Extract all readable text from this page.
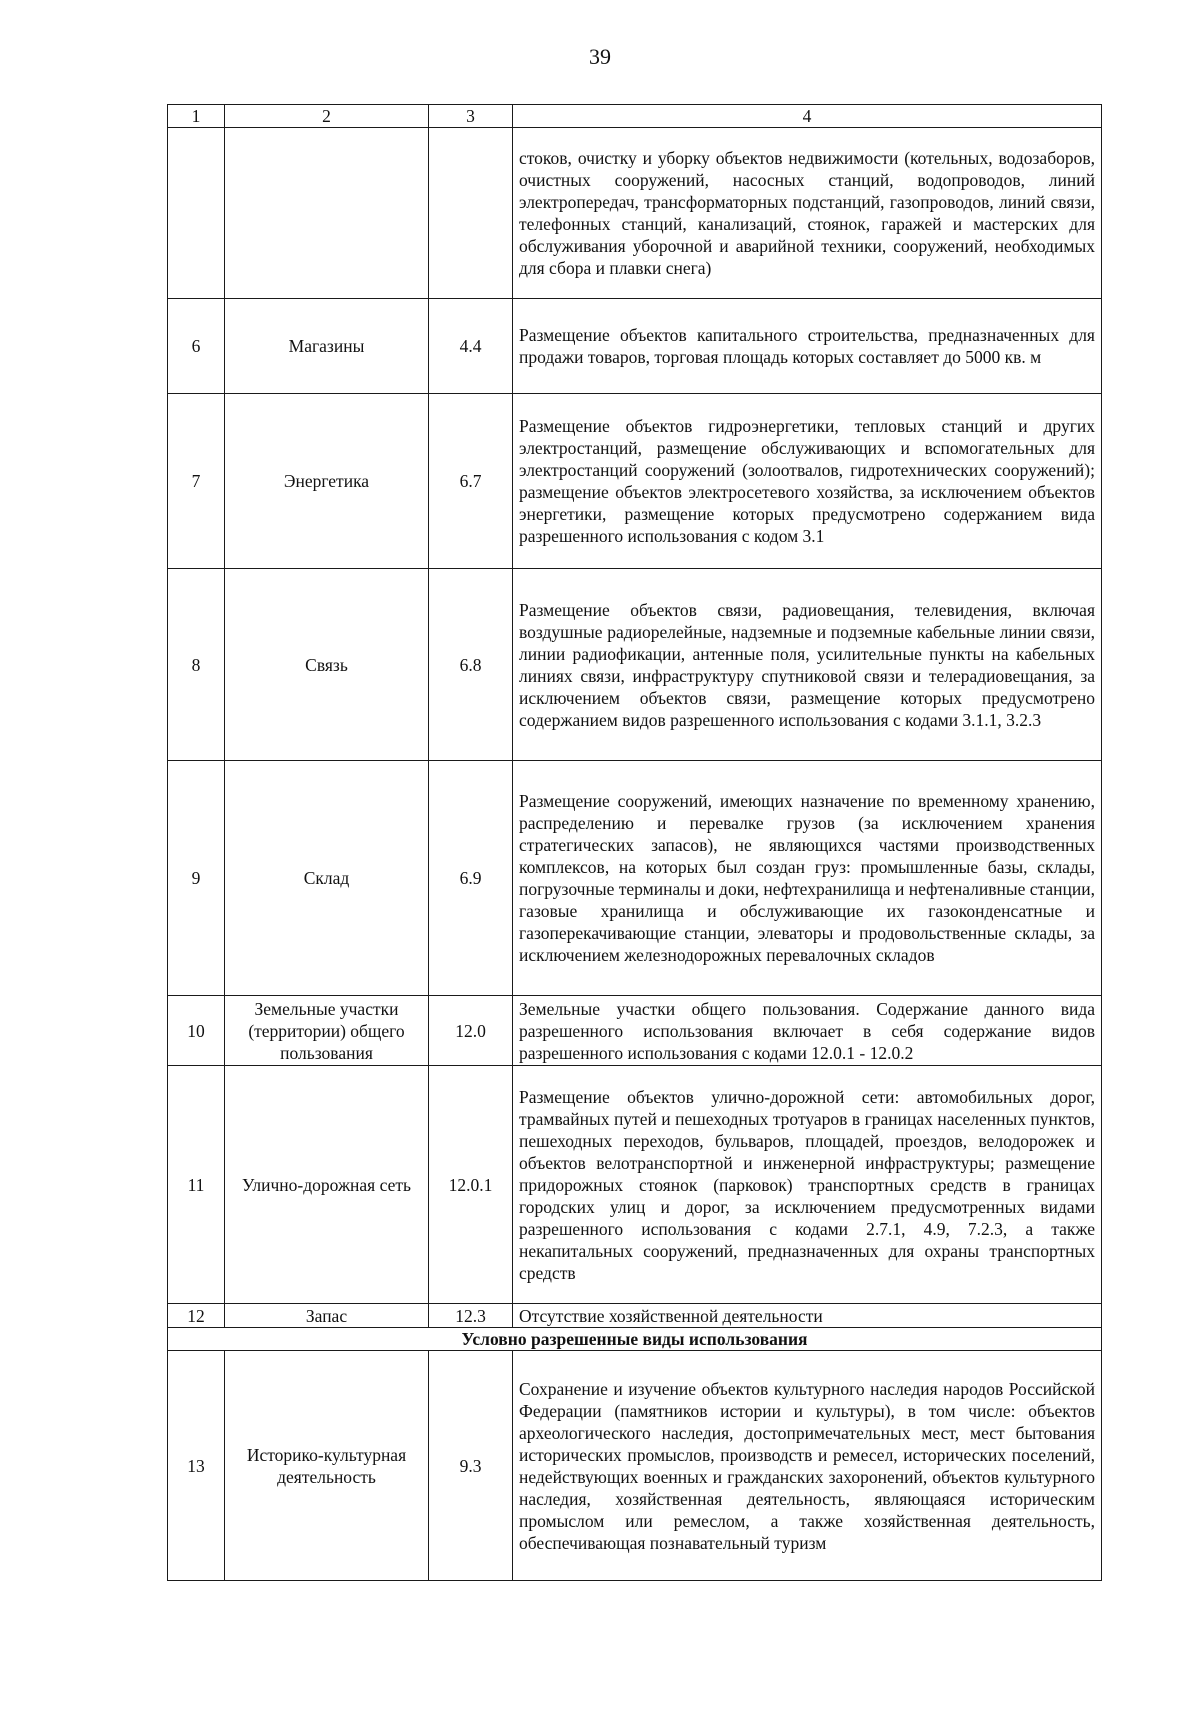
39
1	2	3	4
			стоков, очистку и уборку объектов недвижимости (котельных, водозаборов, очистных сооружений, насосных станций, водопроводов, линий электропередач, трансформаторных подстанций, газопроводов, линий связи, телефонных станций, канализаций, стоянок, гаражей и мастерских для обслуживания уборочной и аварийной техники, сооружений, необходимых для сбора и плавки снега)
6	Магазины	4.4	Размещение объектов капитального строительства, предназначенных для продажи товаров, торговая площадь которых составляет до 5000 кв. м
7	Энергетика	6.7	Размещение объектов гидроэнергетики, тепловых станций и других электростанций, размещение обслуживающих и вспомогательных для электростанций сооружений (золоотвалов, гидротехнических сооружений); размещение объектов электросетевого хозяйства, за исключением объектов энергетики, размещение которых предусмотрено содержанием вида разрешенного использования с кодом 3.1
8	Связь	6.8	Размещение объектов связи, радиовещания, телевидения, включая воздушные радиорелейные, надземные и подземные кабельные линии связи, линии радиофикации, антенные поля, усилительные пункты на кабельных линиях связи, инфраструктуру спутниковой связи и телерадиовещания, за исключением объектов связи, размещение которых предусмотрено содержанием видов разрешенного использования с кодами 3.1.1, 3.2.3
9	Склад	6.9	Размещение сооружений, имеющих назначение по временному хранению, распределению и перевалке грузов (за исключением хранения стратегических запасов), не являющихся частями производственных комплексов, на которых был создан груз: промышленные базы, склады, погрузочные терминалы и доки, нефтехранилища и нефтеналивные станции, газовые хранилища и обслуживающие их газоконденсатные и газоперекачивающие станции, элеваторы и продовольственные склады, за исключением железнодорожных перевалочных складов
10	Земельные участки (территории) общего пользования	12.0	Земельные участки общего пользования. Содержание данного вида разрешенного использования включает в себя содержание видов разрешенного использования с кодами 12.0.1 - 12.0.2
11	Улично-дорожная сеть	12.0.1	Размещение объектов улично-дорожной сети: автомобильных дорог, трамвайных путей и пешеходных тротуаров в границах населенных пунктов, пешеходных переходов, бульваров, площадей, проездов, велодорожек и объектов велотранспортной и инженерной инфраструктуры; размещение придорожных стоянок (парковок) транспортных средств в границах городских улиц и дорог, за исключением предусмотренных видами разрешенного использования с кодами 2.7.1, 4.9, 7.2.3, а также некапитальных сооружений, предназначенных для охраны транспортных средств
12	Запас	12.3	Отсутствие хозяйственной деятельности
Условно разрешенные виды использования			
13	Историко-культурная деятельность	9.3	Сохранение и изучение объектов культурного наследия народов Российской Федерации (памятников истории и культуры), в том числе: объектов археологического наследия, достопримечательных мест, мест бытования исторических промыслов, производств и ремесел, исторических поселений, недействующих военных и гражданских захоронений, объектов культурного наследия, хозяйственная деятельность, являющаяся историческим промыслом или ремеслом, а также хозяйственная деятельность, обеспечивающая познавательный туризм
